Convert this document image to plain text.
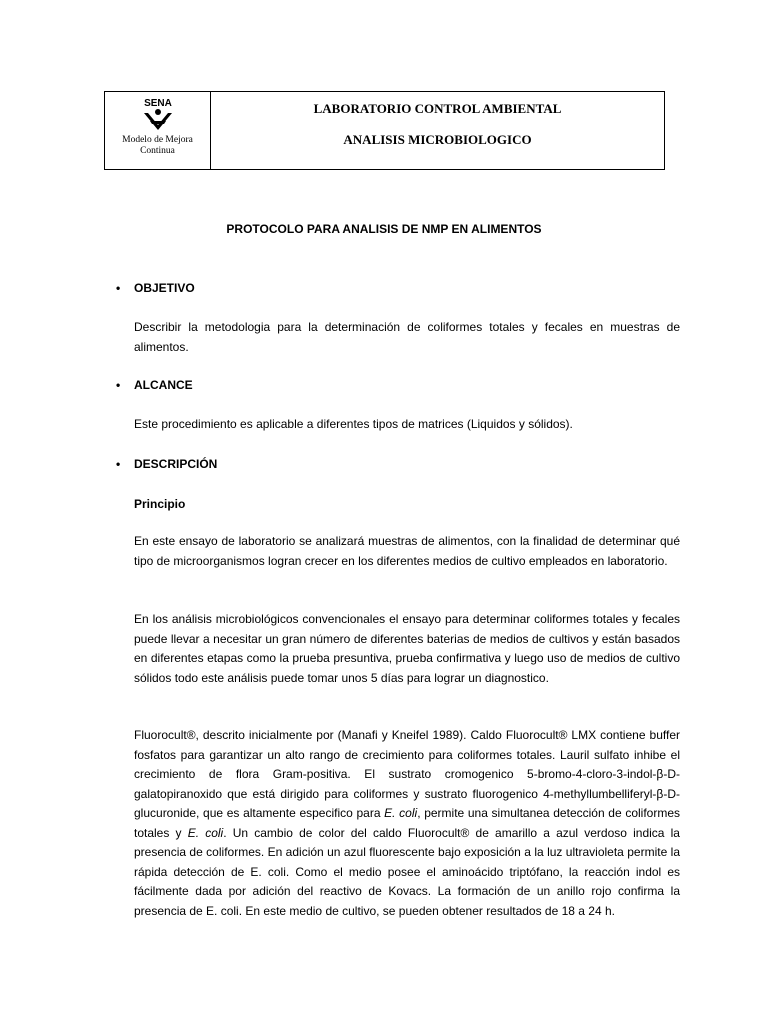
SENA
Modelo de Mejora
Continua
LABORATORIO CONTROL AMBIENTAL
ANALISIS MICROBIOLOGICO
PROTOCOLO PARA ANALISIS DE NMP EN ALIMENTOS
•	OBJETIVO
Describir la metodologia para la determinación de coliformes totales y fecales en muestras de alimentos.
•	ALCANCE
Este procedimiento es aplicable a diferentes tipos de matrices (Liquidos y sólidos).
•	DESCRIPCIÓN
Principio
En este ensayo de laboratorio se analizará muestras de alimentos, con la finalidad de determinar qué tipo de microorganismos logran crecer en los diferentes medios de cultivo empleados en laboratorio.
En los análisis microbiológicos convencionales el ensayo para determinar coliformes totales y fecales puede llevar a necesitar un gran número de diferentes baterias de medios de cultivos y están basados en diferentes etapas como la prueba presuntiva, prueba confirmativa y luego uso de medios de cultivo sólidos todo este análisis puede tomar unos 5 días para lograr un diagnostico.
Fluorocult®, descrito inicialmente por (Manafi y Kneifel 1989). Caldo Fluorocult® LMX contiene buffer fosfatos para garantizar un alto rango de crecimiento para coliformes totales. Lauril sulfato inhibe el crecimiento de flora Gram-positiva. El sustrato cromogenico 5-bromo-4-cloro-3-indol-β-D-galatopiranoxido que está dirigido para coliformes y sustrato fluorogenico 4-methyllumbelliferyl-β-D-glucuronide, que es altamente especifico para E. coli, permite una simultanea detección de coliformes totales y E. coli. Un cambio de color del caldo Fluorocult® de amarillo a azul verdoso indica la presencia de coliformes. En adición un azul fluorescente bajo exposición a la luz ultravioleta permite la rápida detección de E. coli. Como el medio posee el aminoácido triptófano, la reacción indol es fácilmente dada por adición del reactivo de Kovacs. La formación de un anillo rojo confirma la presencia de E. coli. En este medio de cultivo, se pueden obtener resultados de 18 a 24 h.
